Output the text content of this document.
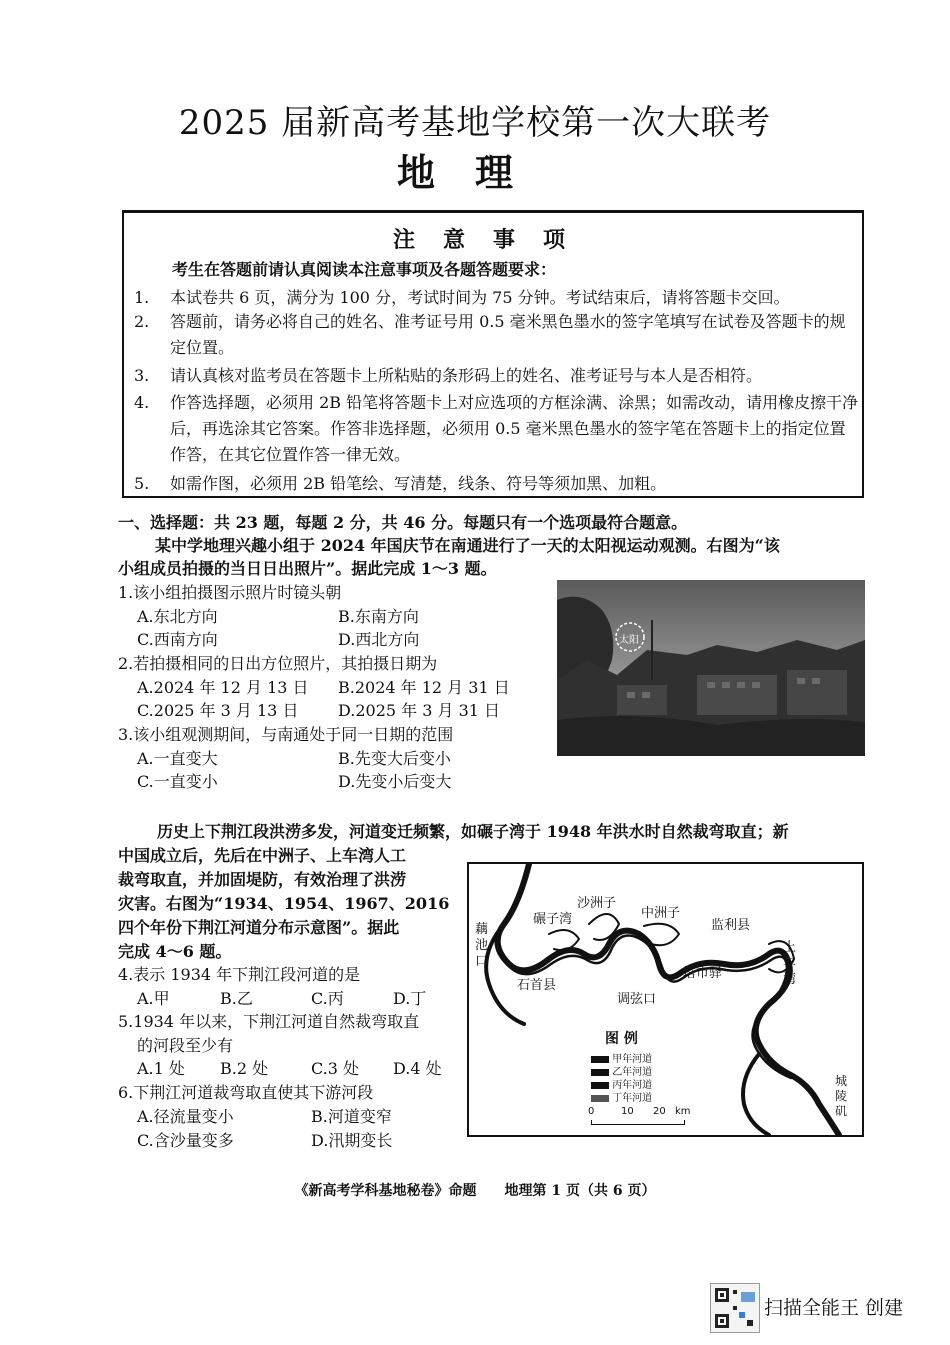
2025 届新高考基地学校第一次大联考
地理
注意事项
考生在答题前请认真阅读本注意事项及各题答题要求：
1. 本试卷共 6 页，满分为 100 分，考试时间为 75 分钟。考试结束后，请将答题卡交回。
2. 答题前，请务必将自己的姓名、准考证号用 0.5 毫米黑色墨水的签字笔填写在试卷及答题卡的规定位置。
3. 请认真核对监考员在答题卡上所粘贴的条形码上的姓名、准考证号与本人是否相符。
4. 作答选择题，必须用 2B 铅笔将答题卡上对应选项的方框涂满、涂黑；如需改动，请用橡皮擦干净后，再选涂其它答案。作答非选择题，必须用 0.5 毫米黑色墨水的签字笔在答题卡上的指定位置作答，在其它位置作答一律无效。
5. 如需作图，必须用 2B 铅笔绘、写清楚，线条、符号等须加黑、加粗。
一、选择题：共 23 题，每题 2 分，共 46 分。每题只有一个选项最符合题意。
某中学地理兴趣小组于 2024 年国庆节在南通进行了一天的太阳视运动观测。右图为“该
小组成员拍摄的当日日出照片”。据此完成 1～3 题。
1.该小组拍摄图示照片时镜头朝
A.东北方向	B.东南方向
C.西南方向	D.西北方向
2.若拍摄相同的日出方位照片，其拍摄日期为
A.2024 年 12 月 13 日 B.2024 年 12 月 31 日
C.2025 年 3 月 13 日 D.2025 年 3 月 31 日
3.该小组观测期间，与南通处于同一日期的范围
A.一直变大	B.先变大后变小
C.一直变小	D.先变小后变大
太阳
历史上下荆江段洪涝多发，河道变迁频繁，如碾子湾于 1948 年洪水时自然裁弯取直；新
中国成立后，先后在中洲子、上车湾人工
裁弯取直，并加固堤防，有效治理了洪涝
灾害。右图为“1934、1954、1967、2016
四个年份下荆江河道分布示意图”。据此
完成 4～6 题。
4.表示 1934 年下荆江段河道的是
A.甲	B.乙	C.丙	D.丁
5.1934 年以来，下荆江河道自然裁弯取直
的河段至少有
A.1 处 B.2 处	C.3 处 D.4 处
6.下荆江河道裁弯取直使其下游河段
A.径流量变小	B.河道变窄
C.含沙量变多	D.汛期变长
沙洲子
中洲子
碾子湾	监利县
藕池口
上车湾
塔市驿
石首县
调弦口
城陵矶
图 例
甲年河道
乙年河道
丙年河道
丁年河道
0	10 20 km
《新高考学科基地秘卷》命题　　地理第 1 页（共 6 页）
扫描全能王 创建
